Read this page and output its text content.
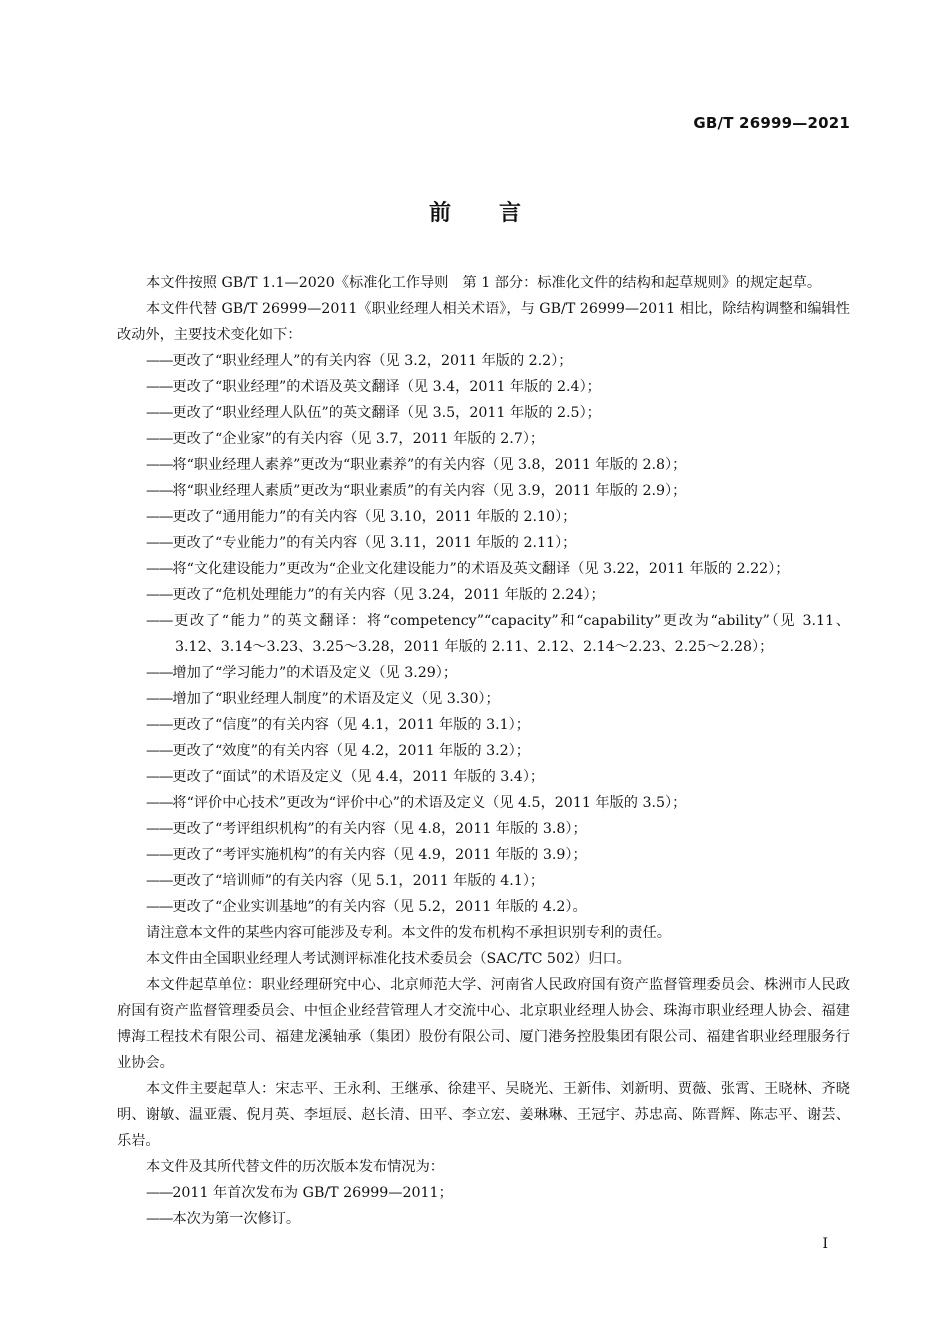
GB/T 26999—2021
前言

本文件按照 GB/T 1.1—2020《标准化工作导则　第 1 部分：标准化文件的结构和起草规则》的规定起草。

本文件代替 GB/T 26999—2011《职业经理人相关术语》，与 GB/T 26999—2011 相比，除结构调整和编辑性改动外，主要技术变化如下：

——更改了“职业经理人”的有关内容（见 3.2，2011 年版的 2.2）；
——更改了“职业经理”的术语及英文翻译（见 3.4，2011 年版的 2.4）；
——更改了“职业经理人队伍”的英文翻译（见 3.5，2011 年版的 2.5）；
——更改了“企业家”的有关内容（见 3.7，2011 年版的 2.7）；
——将“职业经理人素养”更改为“职业素养”的有关内容（见 3.8，2011 年版的 2.8）；
——将“职业经理人素质”更改为“职业素质”的有关内容（见 3.9，2011 年版的 2.9）；
——更改了“通用能力”的有关内容（见 3.10，2011 年版的 2.10）；
——更改了“专业能力”的有关内容（见 3.11，2011 年版的 2.11）；
——将“文化建设能力”更改为“企业文化建设能力”的术语及英文翻译（见 3.22，2011 年版的 2.22）；
——更改了“危机处理能力”的有关内容（见 3.24，2011 年版的 2.24）；
——更改了“能力”的英文翻译：将“competency”“capacity”和“capability”更改为“ability”（见 3.11、3.12、3.14～3.23、3.25～3.28，2011 年版的 2.11、2.12、2.14～2.23、2.25～2.28）；
——增加了“学习能力”的术语及定义（见 3.29）；
——增加了“职业经理人制度”的术语及定义（见 3.30）；
——更改了“信度”的有关内容（见 4.1，2011 年版的 3.1）；
——更改了“效度”的有关内容（见 4.2，2011 年版的 3.2）；
——更改了“面试”的术语及定义（见 4.4，2011 年版的 3.4）；
——将“评价中心技术”更改为“评价中心”的术语及定义（见 4.5，2011 年版的 3.5）；
——更改了“考评组织机构”的有关内容（见 4.8，2011 年版的 3.8）；
——更改了“考评实施机构”的有关内容（见 4.9，2011 年版的 3.9）；
——更改了“培训师”的有关内容（见 5.1，2011 年版的 4.1）；
——更改了“企业实训基地”的有关内容（见 5.2，2011 年版的 4.2）。

请注意本文件的某些内容可能涉及专利。本文件的发布机构不承担识别专利的责任。

本文件由全国职业经理人考试测评标准化技术委员会（SAC/TC 502）归口。

本文件起草单位：职业经理研究中心、北京师范大学、河南省人民政府国有资产监督管理委员会、株洲市人民政府国有资产监督管理委员会、中恒企业经营管理人才交流中心、北京职业经理人协会、珠海市职业经理人协会、福建博海工程技术有限公司、福建龙溪轴承（集团）股份有限公司、厦门港务控股集团有限公司、福建省职业经理服务行业协会。

本文件主要起草人：宋志平、王永利、王继承、徐建平、吴晓光、王新伟、刘新明、贾薇、张霄、王晓林、齐晓明、谢敏、温亚震、倪月英、李垣辰、赵长清、田平、李立宏、姜琳琳、王冠宇、苏忠高、陈晋辉、陈志平、谢芸、乐岩。

本文件及其所代替文件的历次版本发布情况为：

——2011 年首次发布为 GB/T 26999—2011；
——本次为第一次修订。
Ⅰ
